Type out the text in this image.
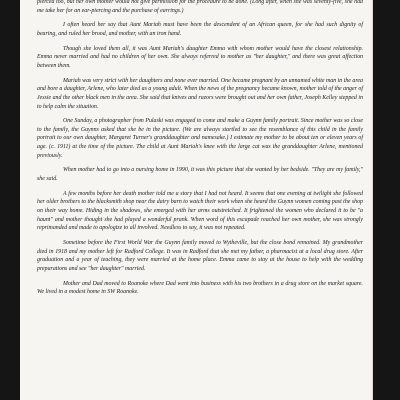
pierced too, but her own mother would not give permission for the procedure to be done. (Long after, when she was seventy-five, she had me take her for an ear-piercing and the purchase of earrings.)

I often heard her say that Aunt Mariah must have been the descendent of an African queen, for she had such dignity of bearing, and ruled her brood, and mother, with an iron hand.

Though she loved them all, it was Aunt Mariah's daughter Emma with whom mother would have the closest relationship. Emma never married and had no children of her own. She always referred to mother as "her daughter," and there was great affection between them.

Mariah was very strict with her daughters and none ever married. One became pregnant by an unnamed white man in the area and bore a daughter, Arlene, who later died as a young adult. When the news of the pregnancy became known, mother told of the anger of Jessie and the other black men in the area. She said that knives and razors were brought out and her own father, Joseph Kelley stepped in to help calm the situation.

One Sunday, a photographer from Pulaski was engaged to come and make a Guynn family portrait. Since mother was so close to the family, the Guynns asked that she be in the picture. (We are always startled to see the resemblance of this child in the family portrait to our own daughter, Margaret Turner's granddaughter and namesake.) I estimate my mother to be about ten or eleven years of age. (c. 1911) at the time of the picture. The child at Aunt Mariah's knee with the large cat was the granddaughter Arlene, mentioned previously.

When mother had to go into a nursing home in 1990, it was this picture that she wanted by her bedside. "They are my family," she said.

A few months before her death mother told me a story that I had not heard. It seems that one evening at twilight she followed her older brothers to the blacksmith shop near the dairy barn to watch their work when she heard the Guynn women coming past the shop on their way home. Hiding in the shadows, she emerged with her arms outstretched. It frightened the women who declared it to be "a haunt" and mother thought she had played a wonderful prank. When word of this escapade reached her own mother, she was strongly reprimanded and made to apologize to all involved. Needless to say, it was not repeated.

Sometime before the First World War the Guynn family moved to Wytheville, but the close bond remained. My grandmother died in 1918 and my mother left for Radford College. It was in Radford that she met my father, a pharmacist at a local drug store. After graduation and a year of teaching, they were married at the home place. Emma came to stay at the house to help with the wedding preparations and see "her daughter" married.

Mother and Dad moved to Roanoke where Dad went into business with his two brothers in a drug store on the market square. We lived in a modest home in SW Roanoke.
